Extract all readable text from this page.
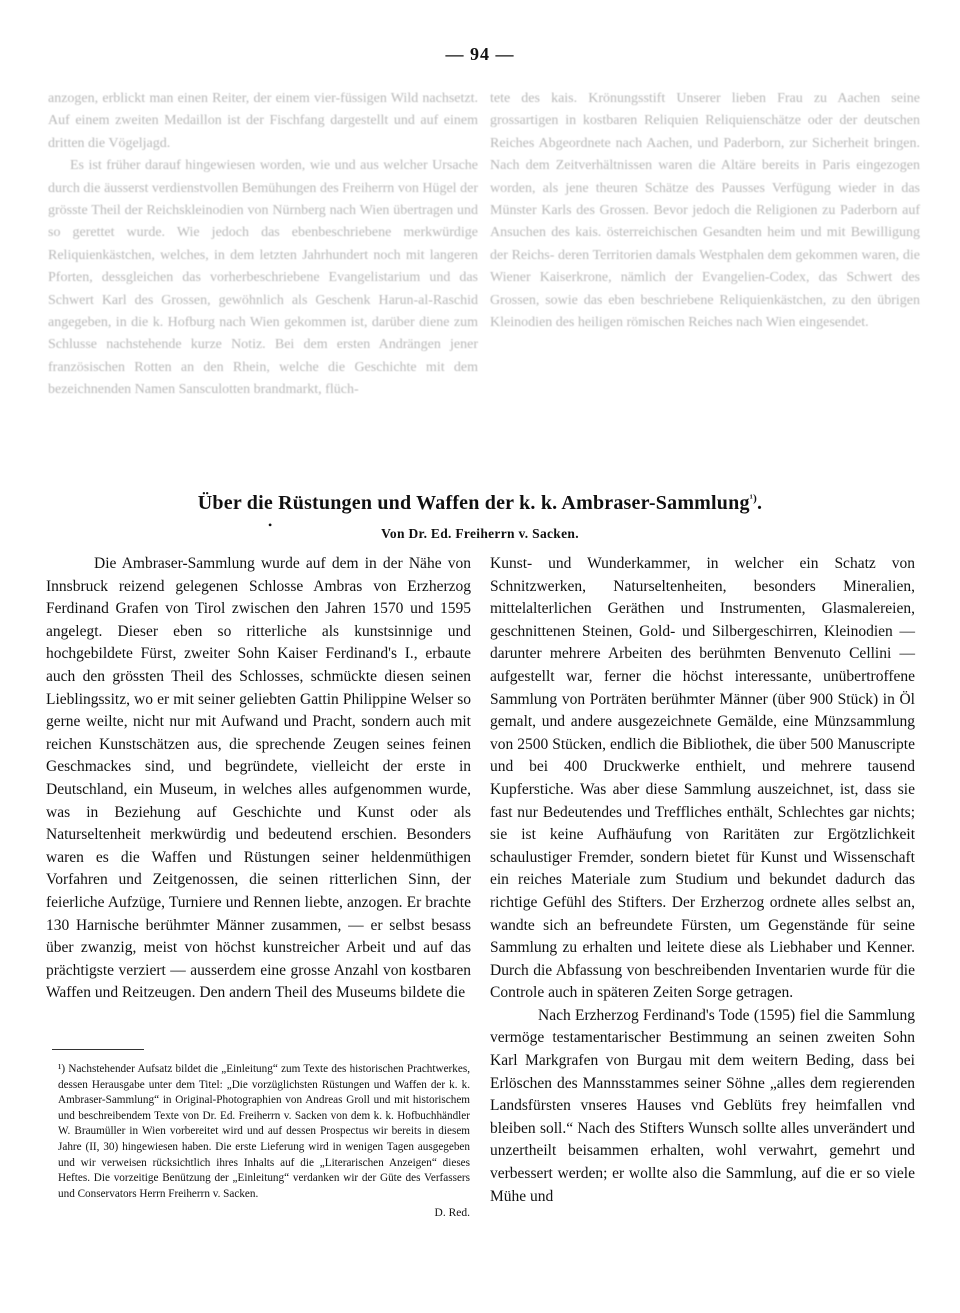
— 94 —

anzogen, erblickt man einen Reiter, der einem vier-füssigen Wild nachsetzt. Auf einem zweiten Medaillon ist der Fischfang dargestellt und auf einem dritten die Vögeljagd.

Es ist früher darauf hingewiesen worden, wie und aus welcher Ursache durch die äusserst verdienstvollen Bemühungen des Freiherrn von Hügel der grösste Theil der Reichskleinodien von Nürnberg nach Wien übertragen und so gerettet wurde. Wie jedoch das ebenbeschriebene merkwürdige Reliquienkästchen, welches, in dem letzten Jahrhundert noch mit langeren Pforten, dessgleichen das vorherbeschriebene Evangelistarium und das Schwert Karl des Grossen, gewöhnlich als Geschenk Harun-al-Raschid angegeben, in die k. Hofburg nach Wien gekommen ist, darüber diene zum Schlusse nachstehende kurze Notiz. Bei dem ersten Andrängen jener französischen Rotten an den Rhein, welche die Geschichte mit dem bezeichnenden Namen Sansculotten brandmarkt, flüch-

tete des kais. Krönungsstift Unserer lieben Frau zu Aachen seine grossartigen in kostbaren Reliquien Reliquienschätze oder der deutschen Reiches Abgeordnete nach Aachen, und Paderborn, zur Sicherheit bringen. Nach dem Zeitverhältnissen waren die Altäre bereits in Paris eingezogen worden, als jene theuren Schätze des Pausses Verfügung wieder in das Münster Karls des Grossen. Bevor jedoch die Religionen zu Paderborn auf Ansuchen des kais. österreichischen Gesandten heim und mit Bewilligung der Reichs- deren Territorien damals Westphalen dem gekommen waren, die Wiener Kaiserkrone, nämlich der Evangelien-Codex, das Schwert des Grossen, sowie das eben beschriebene Reliquienkästchen, zu den übrigen Kleinodien des heiligen römischen Reiches nach Wien eingesendet.

Über die Rüstungen und Waffen der k. k. Ambraser-Sammlung$^{^1)}$.
•
Von Dr. Ed. Freiherrn v. Sacken.

Die Ambraser-Sammlung wurde auf dem in der Nähe von Innsbruck reizend gelegenen Schlosse Ambras von Erzherzog Ferdinand Grafen von Tirol zwischen den Jahren 1570 und 1595 angelegt. Dieser eben so ritterliche als kunstsinnige und hochgebildete Fürst, zweiter Sohn Kaiser Ferdinand's I., erbaute auch den grössten Theil des Schlosses, schmückte diesen seinen Lieblingssitz, wo er mit seiner geliebten Gattin Philippine Welser so gerne weilte, nicht nur mit Aufwand und Pracht, sondern auch mit reichen Kunstschätzen aus, die sprechende Zeugen seines feinen Geschmackes sind, und begründete, vielleicht der erste in Deutschland, ein Museum, in welches alles aufgenommen wurde, was in Beziehung auf Geschichte und Kunst oder als Naturseltenheit merkwürdig und bedeutend erschien. Besonders waren es die Waffen und Rüstungen seiner heldenmüthigen Vorfahren und Zeitgenossen, die seinen ritterlichen Sinn, der feierliche Aufzüge, Turniere und Rennen liebte, anzogen. Er brachte 130 Harnische berühmter Männer zusammen, — er selbst besass über zwanzig, meist von höchst kunstreicher Arbeit und auf das prächtigste verziert — ausserdem eine grosse Anzahl von kostbaren Waffen und Reitzeugen. Den andern Theil des Museums bildete die

Kunst- und Wunderkammer, in welcher ein Schatz von Schnitzwerken, Naturseltenheiten, besonders Mineralien, mittelalterlichen Geräthen und Instrumenten, Glasmalereien, geschnittenen Steinen, Gold- und Silbergeschirren, Kleinodien — darunter mehrere Arbeiten des berühmten Benvenuto Cellini — aufgestellt war, ferner die höchst interessante, unübertroffene Sammlung von Porträten berühmter Männer (über 900 Stück) in Öl gemalt, und andere ausgezeichnete Gemälde, eine Münzsammlung von 2500 Stücken, endlich die Bibliothek, die über 500 Manuscripte und bei 400 Druckwerke enthielt, und mehrere tausend Kupferstiche. Was aber diese Sammlung auszeichnet, ist, dass sie fast nur Bedeutendes und Treffliches enthält, Schlechtes gar nichts; sie ist keine Aufhäufung von Raritäten zur Ergötzlichkeit schaulustiger Fremder, sondern bietet für Kunst und Wissenschaft ein reiches Materiale zum Studium und bekundet dadurch das richtige Gefühl des Stifters. Der Erzherzog ordnete alles selbst an, wandte sich an befreundete Fürsten, um Gegenstände für seine Sammlung zu erhalten und leitete diese als Liebhaber und Kenner. Durch die Abfassung von beschreibenden Inventarien wurde für die Controle auch in späteren Zeiten Sorge getragen.

Nach Erzherzog Ferdinand's Tode (1595) fiel die Sammlung vermöge testamentarischer Bestimmung an seinen zweiten Sohn Karl Markgrafen von Burgau mit dem weitern Beding, dass bei Erlöschen des Mannsstammes seiner Söhne „alles dem regierenden Landsfürsten vnseres Hauses vnd Geblüts frey heimfallen vnd bleiben soll.“ Nach des Stifters Wunsch sollte alles unverändert und unzertheilt beisammen erhalten, wohl verwahrt, gemehrt und verbessert werden; er wollte also die Sammlung, auf die er so viele Mühe und

¹) Nachstehender Aufsatz bildet die „Einleitung“ zum Texte des historischen Prachtwerkes, dessen Herausgabe unter dem Titel: „Die vorzüglichsten Rüstungen und Waffen der k. k. Ambraser-Sammlung“ in Original-Photographien von Andreas Groll und mit historischem und beschreibendem Texte von Dr. Ed. Freiherrn v. Sacken von dem k. k. Hofbuchhändler W. Braumüller in Wien vorbereitet wird und auf dessen Prospectus wir bereits in diesem Jahre (II, 30) hingewiesen haben. Die erste Lieferung wird in wenigen Tagen ausgegeben und wir verweisen rücksichtlich ihres Inhalts auf die „Literarischen Anzeigen“ dieses Heftes. Die vorzeitige Benützung der „Einleitung“ verdanken wir der Güte des Verfassers und Conservators Herrn Freiherrn v. Sacken.

D. Red.
